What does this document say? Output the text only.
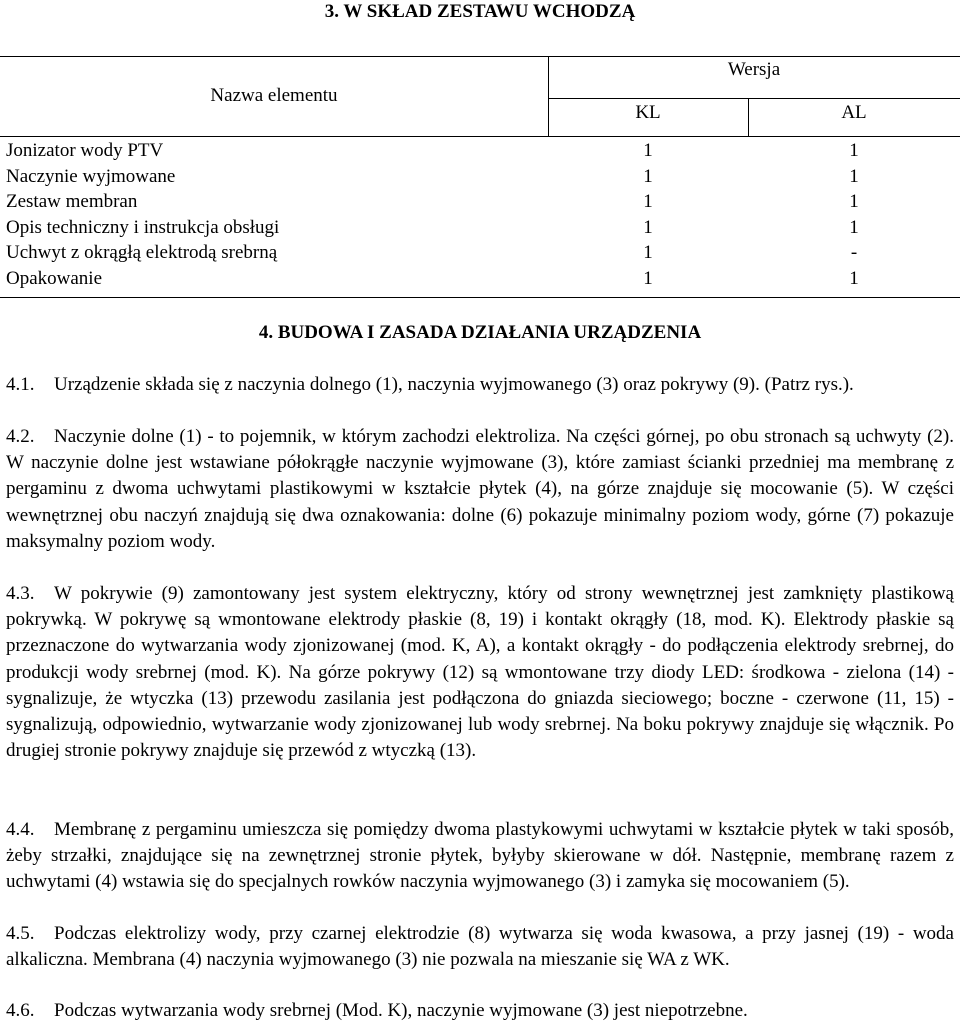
3. W SKŁAD ZESTAWU WCHODZĄ
Nazwa elementu
Wersja
KL	AL
Jonizator wody PTV	1	1
Naczynie wyjmowane	1	1
Zestaw membran	1	1
Opis techniczny i instrukcja obsługi	1	1
Uchwyt z okrągłą elektrodą srebrną	1	-
Opakowanie	1	1
4. BUDOWA I ZASADA DZIAŁANIA URZĄDZENIA
4.1.	Urządzenie składa się z naczynia dolnego (1), naczynia wyjmowanego (3) oraz pokrywy (9). (Patrz rys.).
4.2.	Naczynie dolne (1) - to pojemnik, w którym zachodzi elektroliza. Na części górnej, po obu stronach są uchwyty (2). W naczynie dolne jest wstawiane półokrągłe naczynie wyjmowane (3), które zamiast ścianki przedniej ma membranę z pergaminu z dwoma uchwytami plastikowymi w kształcie płytek (4), na górze znajduje się mocowanie (5). W części wewnętrznej obu naczyń znajdują się dwa oznakowania: dolne (6) pokazuje minimalny poziom wody, górne (7) pokazuje maksymalny poziom wody.
4.3.	W pokrywie (9) zamontowany jest system elektryczny, który od strony wewnętrznej jest zamknięty plastikową pokrywką. W pokrywę są wmontowane elektrody płaskie (8, 19) i kontakt okrągły (18, mod. K). Elektrody płaskie są przeznaczone do wytwarzania wody zjonizowanej (mod. K, A), a kontakt okrągły - do podłączenia elektrody srebrnej, do produkcji wody srebrnej (mod. K). Na górze pokrywy (12) są wmontowane trzy diody LED: środkowa - zielona (14) - sygnalizuje, że wtyczka (13) przewodu zasilania jest podłączona do gniazda sieciowego; boczne - czerwone (11, 15) - sygnalizują, odpowiednio, wytwarzanie wody zjonizowanej lub wody srebrnej. Na boku pokrywy znajduje się włącznik. Po drugiej stronie pokrywy znajduje się przewód z wtyczką (13).
4.4.	Membranę z pergaminu umieszcza się pomiędzy dwoma plastykowymi uchwytami w kształcie płytek w taki sposób, żeby strzałki, znajdujące się na zewnętrznej stronie płytek, byłyby skierowane w dół. Następnie, membranę razem z uchwytami (4) wstawia się do specjalnych rowków naczynia wyjmowanego (3) i zamyka się mocowaniem (5).
4.5.	Podczas elektrolizy wody, przy czarnej elektrodzie (8) wytwarza się woda kwasowa, a przy jasnej (19) - woda alkaliczna. Membrana (4) naczynia wyjmowanego (3) nie pozwala na mieszanie się WA z WK.
4.6.	Podczas wytwarzania wody srebrnej (Mod. K), naczynie wyjmowane (3) jest niepotrzebne.
